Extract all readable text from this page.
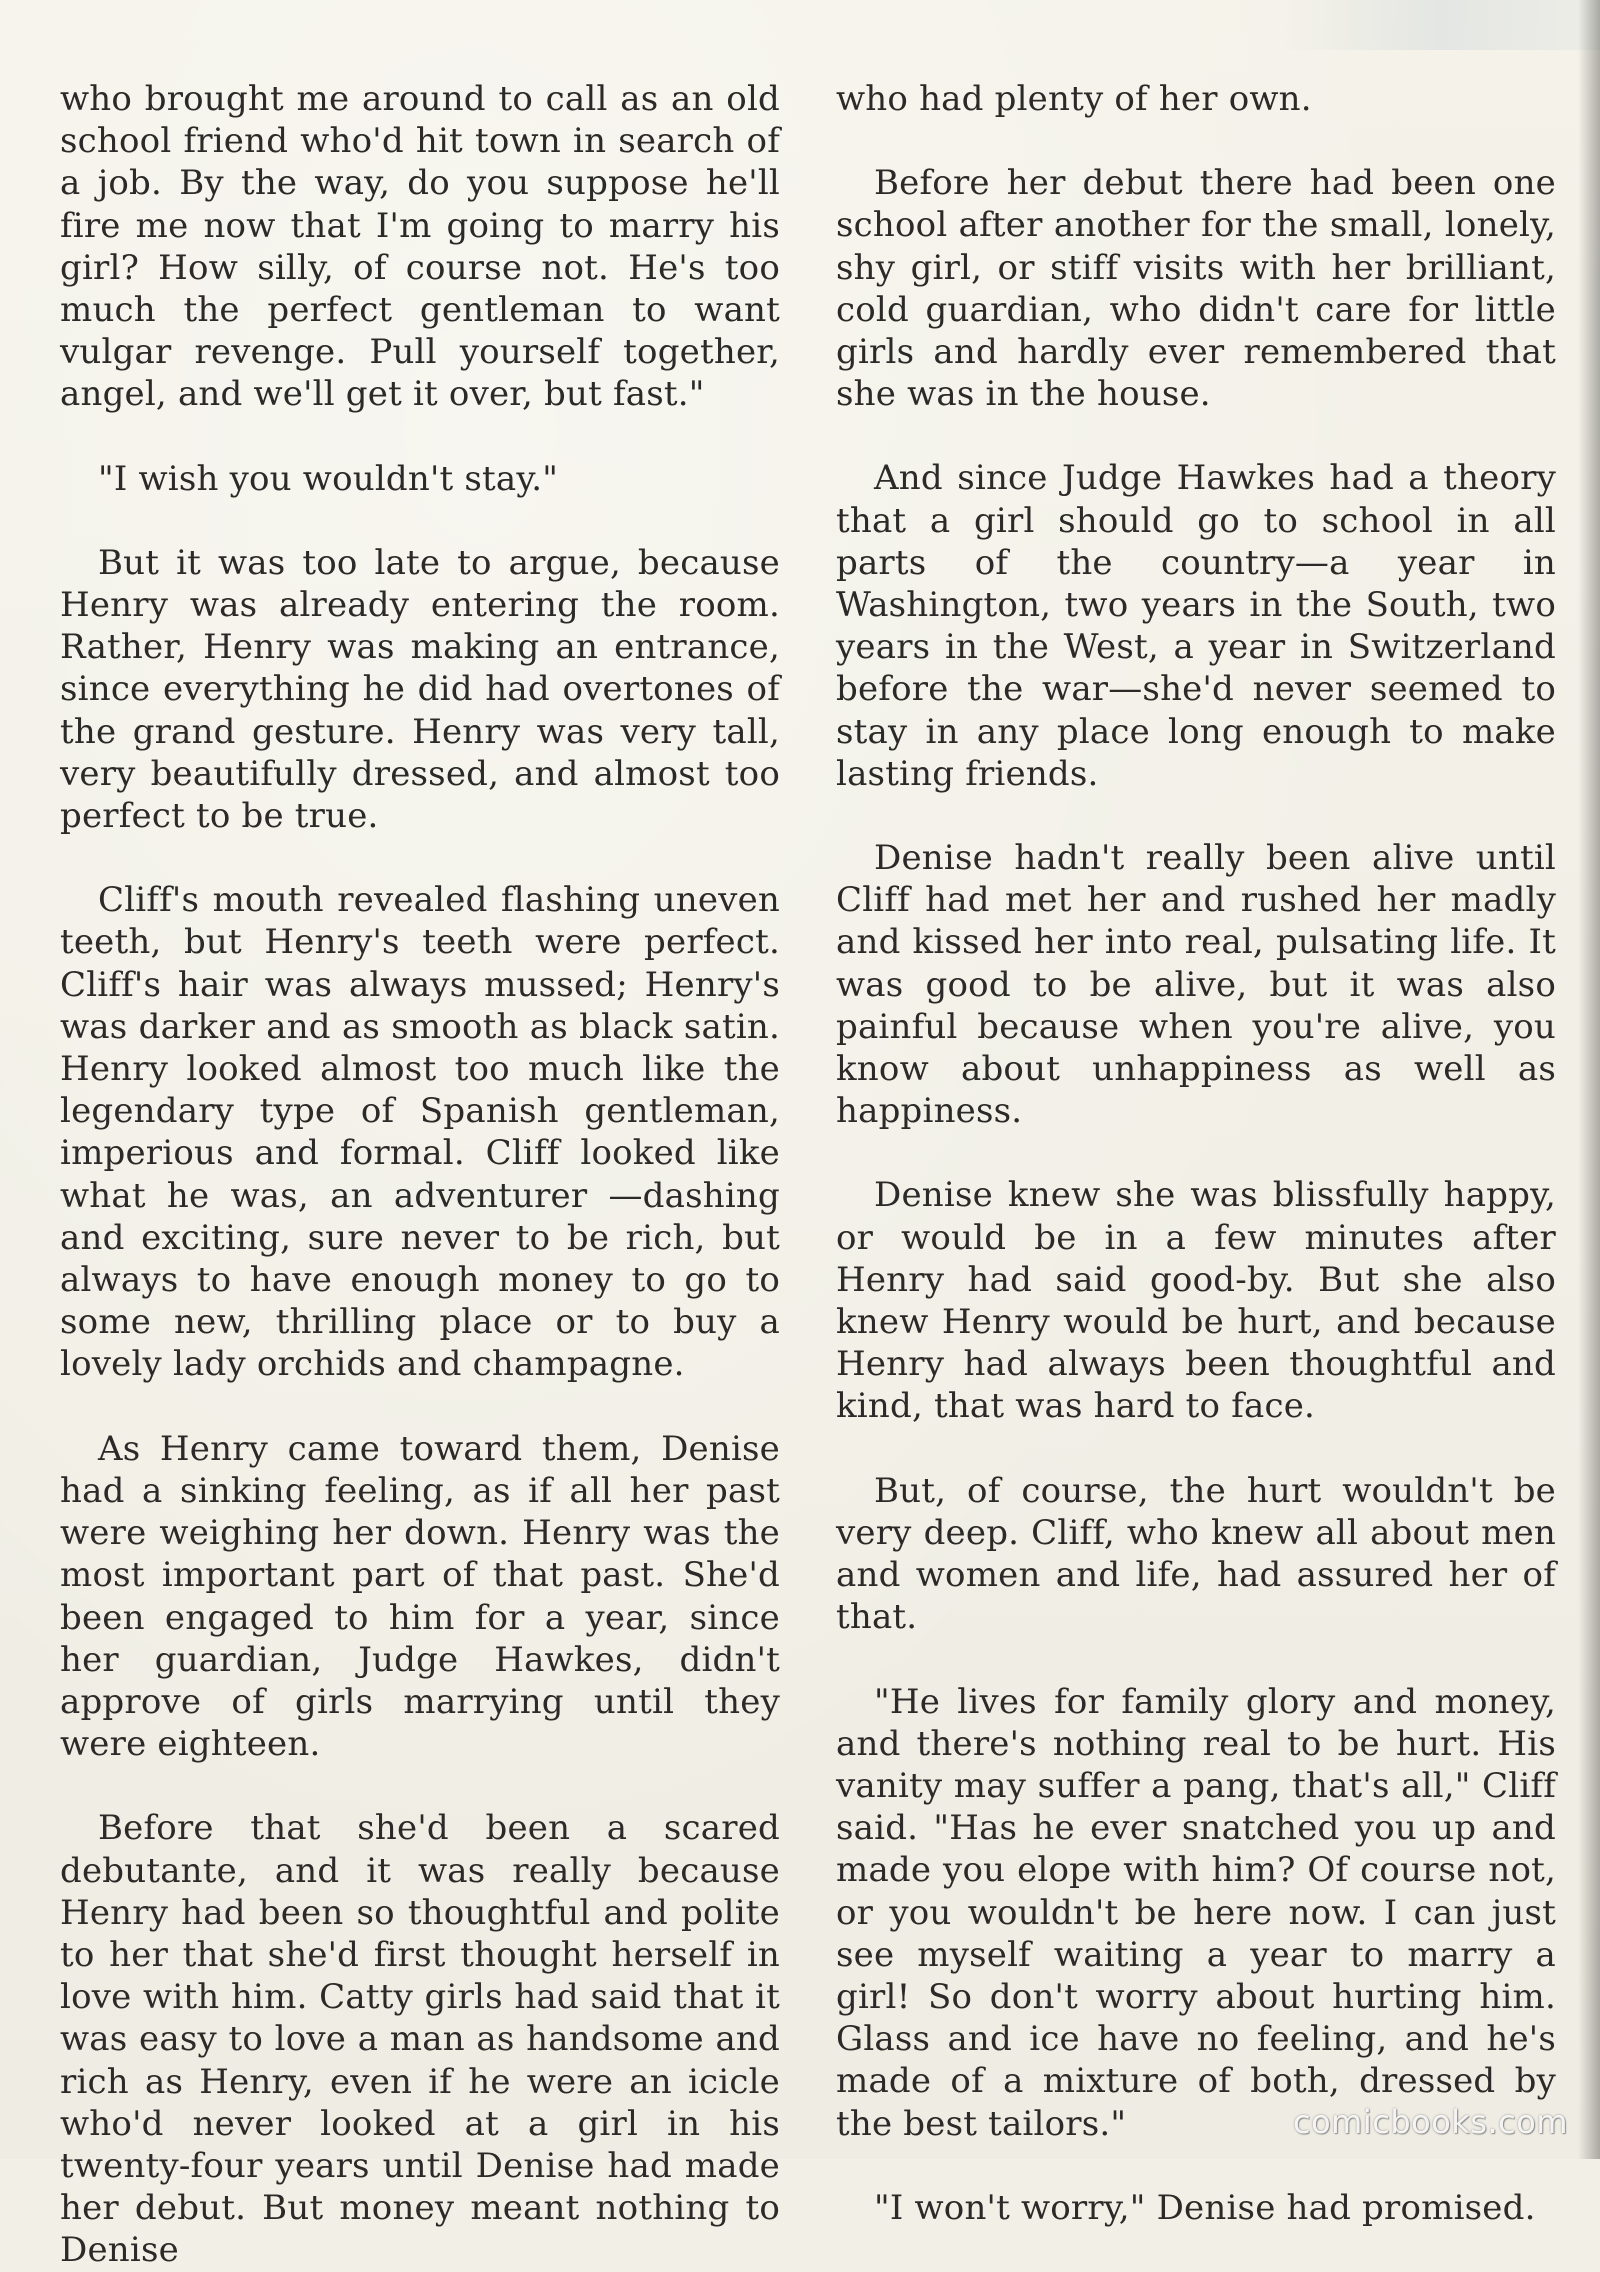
who brought me around to call as an old school friend who'd hit town in search of a job. By the way, do you suppose he'll fire me now that I'm going to marry his girl? How silly, of course not. He's too much the perfect gentleman to want vulgar revenge. Pull yourself together, angel, and we'll get it over, but fast."

"I wish you wouldn't stay."

But it was too late to argue, because Henry was already entering the room. Rather, Henry was making an entrance, since everything he did had overtones of the grand gesture. Henry was very tall, very beautifully dressed, and almost too perfect to be true.

Cliff's mouth revealed flashing uneven teeth, but Henry's teeth were perfect. Cliff's hair was always mussed; Henry's was darker and as smooth as black satin. Henry looked almost too much like the legendary type of Spanish gentleman, imperious and formal. Cliff looked like what he was, an adventurer —dashing and exciting, sure never to be rich, but always to have enough money to go to some new, thrilling place or to buy a lovely lady orchids and champagne.

As Henry came toward them, Denise had a sinking feeling, as if all her past were weighing her down. Henry was the most important part of that past. She'd been engaged to him for a year, since her guardian, Judge Hawkes, didn't approve of girls marrying until they were eighteen.

Before that she'd been a scared debutante, and it was really because Henry had been so thoughtful and polite to her that she'd first thought herself in love with him. Catty girls had said that it was easy to love a man as handsome and rich as Henry, even if he were an icicle who'd never looked at a girl in his twenty-four years until Denise had made her debut. But money meant nothing to Denise

who had plenty of her own.

Before her debut there had been one school after another for the small, lonely, shy girl, or stiff visits with her brilliant, cold guardian, who didn't care for little girls and hardly ever remembered that she was in the house.

And since Judge Hawkes had a theory that a girl should go to school in all parts of the country—a year in Washington, two years in the South, two years in the West, a year in Switzerland before the war—she'd never seemed to stay in any place long enough to make lasting friends.

Denise hadn't really been alive until Cliff had met her and rushed her madly and kissed her into real, pulsating life. It was good to be alive, but it was also painful because when you're alive, you know about unhappiness as well as happiness.

Denise knew she was blissfully happy, or would be in a few minutes after Henry had said good-by. But she also knew Henry would be hurt, and because Henry had always been thoughtful and kind, that was hard to face.

But, of course, the hurt wouldn't be very deep. Cliff, who knew all about men and women and life, had assured her of that.

"He lives for family glory and money, and there's nothing real to be hurt. His vanity may suffer a pang, that's all," Cliff said. "Has he ever snatched you up and made you elope with him? Of course not, or you wouldn't be here now. I can just see myself waiting a year to marry a girl! So don't worry about hurting him. Glass and ice have no feeling, and he's made of a mixture of both, dressed by the best tailors."

"I won't worry," Denise had promised.

comicbooks.com
